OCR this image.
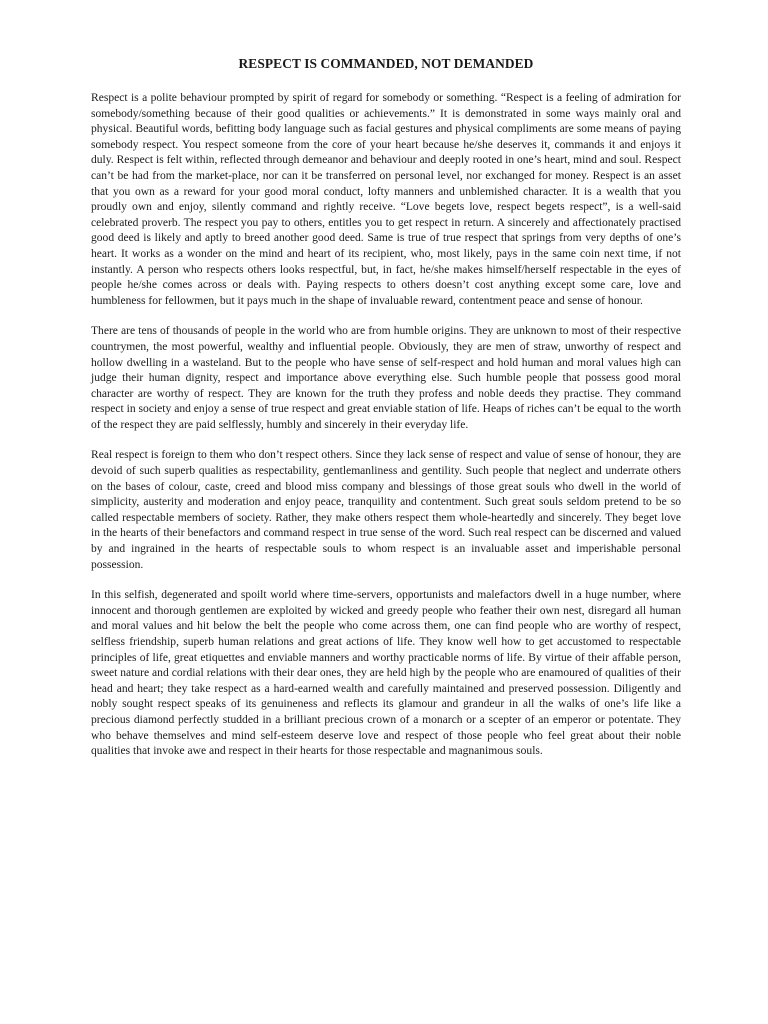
RESPECT IS COMMANDED, NOT DEMANDED

Respect is a polite behaviour prompted by spirit of regard for somebody or something. “Respect is a feeling of admiration for somebody/something because of their good qualities or achievements.” It is demonstrated in some ways mainly oral and physical. Beautiful words, befitting body language such as facial gestures and physical compliments are some means of paying somebody respect. You respect someone from the core of your heart because he/she deserves it, commands it and enjoys it duly. Respect is felt within, reflected through demeanor and behaviour and deeply rooted in one’s heart, mind and soul. Respect can’t be had from the market-place, nor can it be transferred on personal level, nor exchanged for money. Respect is an asset that you own as a reward for your good moral conduct, lofty manners and unblemished character. It is a wealth that you proudly own and enjoy, silently command and rightly receive. “Love begets love, respect begets respect”, is a well-said celebrated proverb. The respect you pay to others, entitles you to get respect in return. A sincerely and affectionately practised good deed is likely and aptly to breed another good deed. Same is true of true respect that springs from very depths of one’s heart. It works as a wonder on the mind and heart of its recipient, who, most likely, pays in the same coin next time, if not instantly. A person who respects others looks respectful, but, in fact, he/she makes himself/herself respectable in the eyes of people he/she comes across or deals with. Paying respects to others doesn’t cost anything except some care, love and humbleness for fellowmen, but it pays much in the shape of invaluable reward, contentment peace and sense of honour.

There are tens of thousands of people in the world who are from humble origins. They are unknown to most of their respective countrymen, the most powerful, wealthy and influential people. Obviously, they are men of straw, unworthy of respect and hollow dwelling in a wasteland. But to the people who have sense of self-respect and hold human and moral values high can judge their human dignity, respect and importance above everything else. Such humble people that possess good moral character are worthy of respect. They are known for the truth they profess and noble deeds they practise. They command respect in society and enjoy a sense of true respect and great enviable station of life. Heaps of riches can’t be equal to the worth of the respect they are paid selflessly, humbly and sincerely in their everyday life.

Real respect is foreign to them who don’t respect others. Since they lack sense of respect and value of sense of honour, they are devoid of such superb qualities as respectability, gentlemanliness and gentility. Such people that neglect and underrate others on the bases of colour, caste, creed and blood miss company and blessings of those great souls who dwell in the world of simplicity, austerity and moderation and enjoy peace, tranquility and contentment. Such great souls seldom pretend to be so called respectable members of society. Rather, they make others respect them whole-heartedly and sincerely. They beget love in the hearts of their benefactors and command respect in true sense of the word. Such real respect can be discerned and valued by and ingrained in the hearts of respectable souls to whom respect is an invaluable asset and imperishable personal possession.

In this selfish, degenerated and spoilt world where time-servers, opportunists and malefactors dwell in a huge number, where innocent and thorough gentlemen are exploited by wicked and greedy people who feather their own nest, disregard all human and moral values and hit below the belt the people who come across them, one can find people who are worthy of respect, selfless friendship, superb human relations and great actions of life. They know well how to get accustomed to respectable principles of life, great etiquettes and enviable manners and worthy practicable norms of life. By virtue of their affable person, sweet nature and cordial relations with their dear ones, they are held high by the people who are enamoured of qualities of their head and heart; they take respect as a hard-earned wealth and carefully maintained and preserved possession. Diligently and nobly sought respect speaks of its genuineness and reflects its glamour and grandeur in all the walks of one’s life like a precious diamond perfectly studded in a brilliant precious crown of a monarch or a scepter of an emperor or potentate. They who behave themselves and mind self-esteem deserve love and respect of those people who feel great about their noble qualities that invoke awe and respect in their hearts for those respectable and magnanimous souls.
